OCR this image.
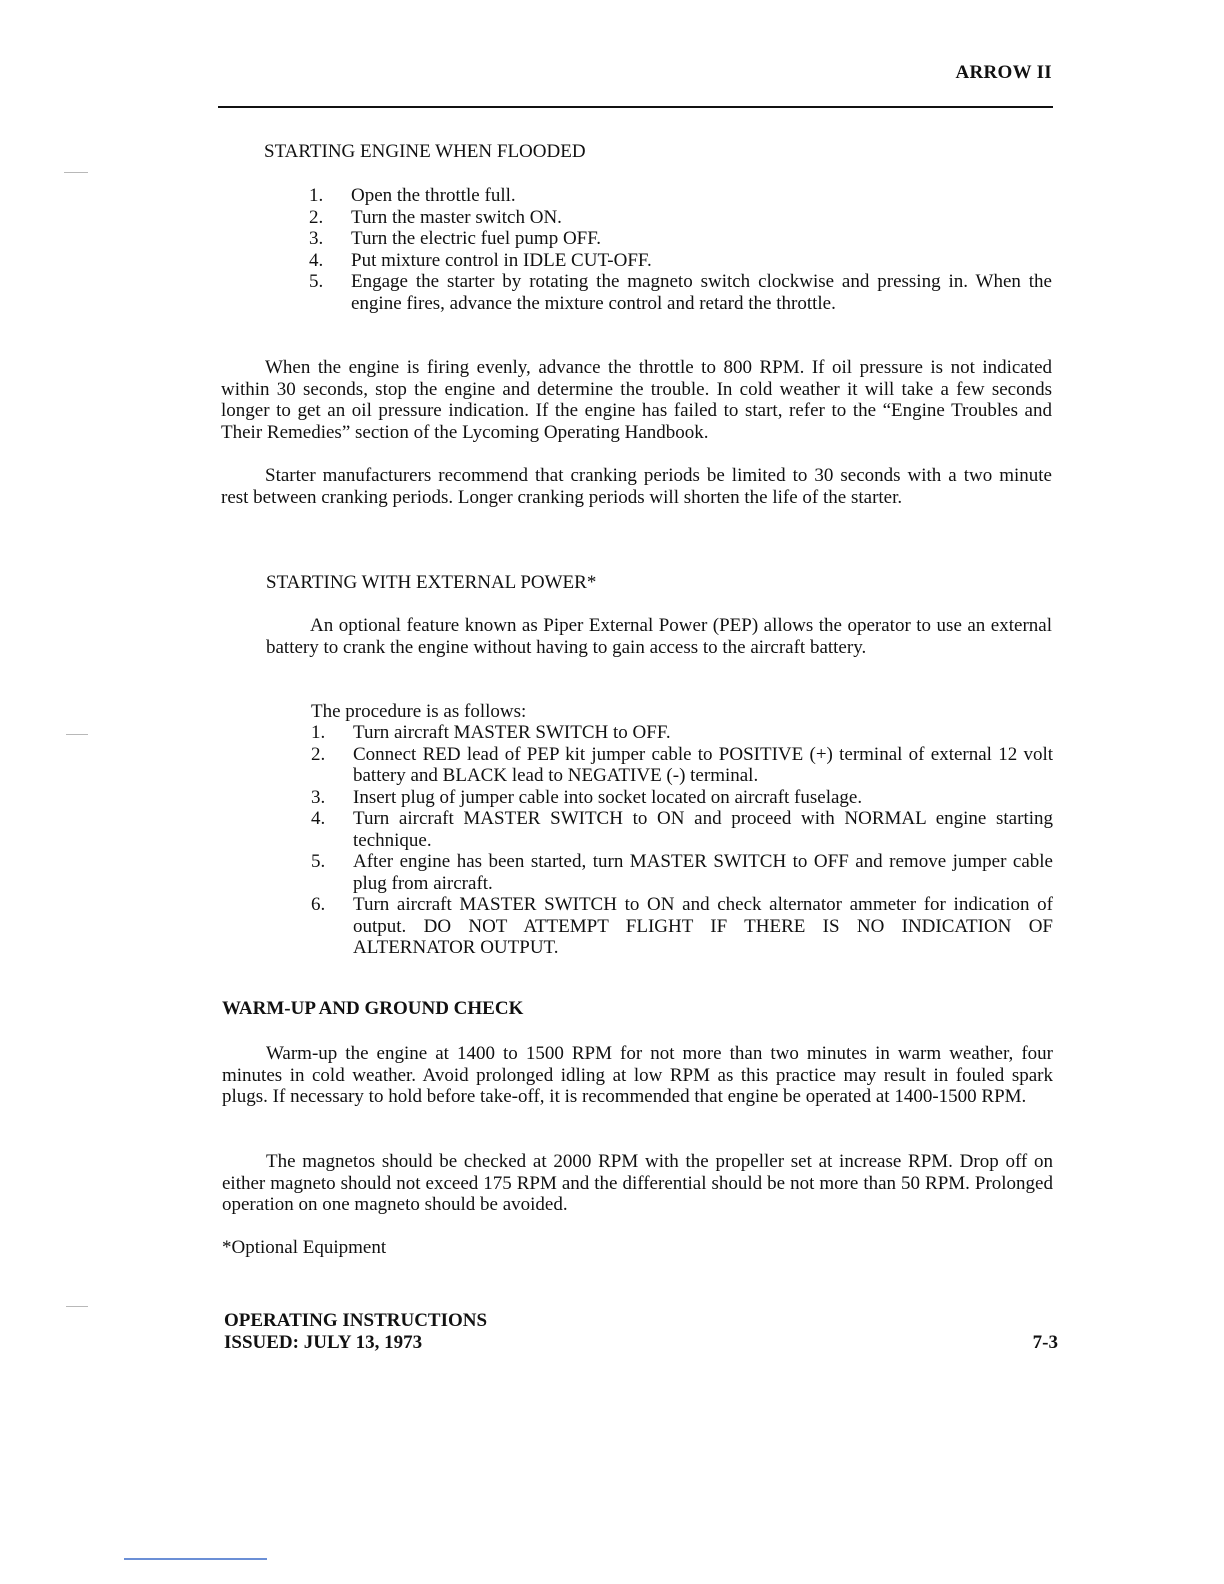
ARROW II
STARTING ENGINE WHEN FLOODED
1. Open the throttle full.
2. Turn the master switch ON.
3. Turn the electric fuel pump OFF.
4. Put mixture control in IDLE CUT-OFF.
5. Engage the starter by rotating the magneto switch clockwise and pressing in. When the engine fires, advance the mixture control and retard the throttle.

When the engine is firing evenly, advance the throttle to 800 RPM. If oil pressure is not indicated within 30 seconds, stop the engine and determine the trouble. In cold weather it will take a few seconds longer to get an oil pressure indication. If the engine has failed to start, refer to the “Engine Troubles and Their Remedies” section of the Lycoming Operating Handbook.

Starter manufacturers recommend that cranking periods be limited to 30 seconds with a two minute rest between cranking periods. Longer cranking periods will shorten the life of the starter.

STARTING WITH EXTERNAL POWER*

An optional feature known as Piper External Power (PEP) allows the operator to use an external battery to crank the engine without having to gain access to the aircraft battery.

The procedure is as follows:

1. Turn aircraft MASTER SWITCH to OFF.
2. Connect RED lead of PEP kit jumper cable to POSITIVE (+) terminal of external 12 volt battery and BLACK lead to NEGATIVE (-) terminal.
3. Insert plug of jumper cable into socket located on aircraft fuselage.
4. Turn aircraft MASTER SWITCH to ON and proceed with NORMAL engine starting technique.
5. After engine has been started, turn MASTER SWITCH to OFF and remove jumper cable plug from aircraft.
6. Turn aircraft MASTER SWITCH to ON and check alternator ammeter for indication of output. DO NOT ATTEMPT FLIGHT IF THERE IS NO INDICATION OF ALTERNATOR OUTPUT.
WARM-UP AND GROUND CHECK

Warm-up the engine at 1400 to 1500 RPM for not more than two minutes in warm weather, four minutes in cold weather. Avoid prolonged idling at low RPM as this practice may result in fouled spark plugs. If necessary to hold before take-off, it is recommended that engine be operated at 1400-1500 RPM.

The magnetos should be checked at 2000 RPM with the propeller set at increase RPM. Drop off on either magneto should not exceed 175 RPM and the differential should be not more than 50 RPM. Prolonged operation on one magneto should be avoided.

*Optional Equipment

OPERATING INSTRUCTIONS
ISSUED: JULY 13, 1973	7-3
